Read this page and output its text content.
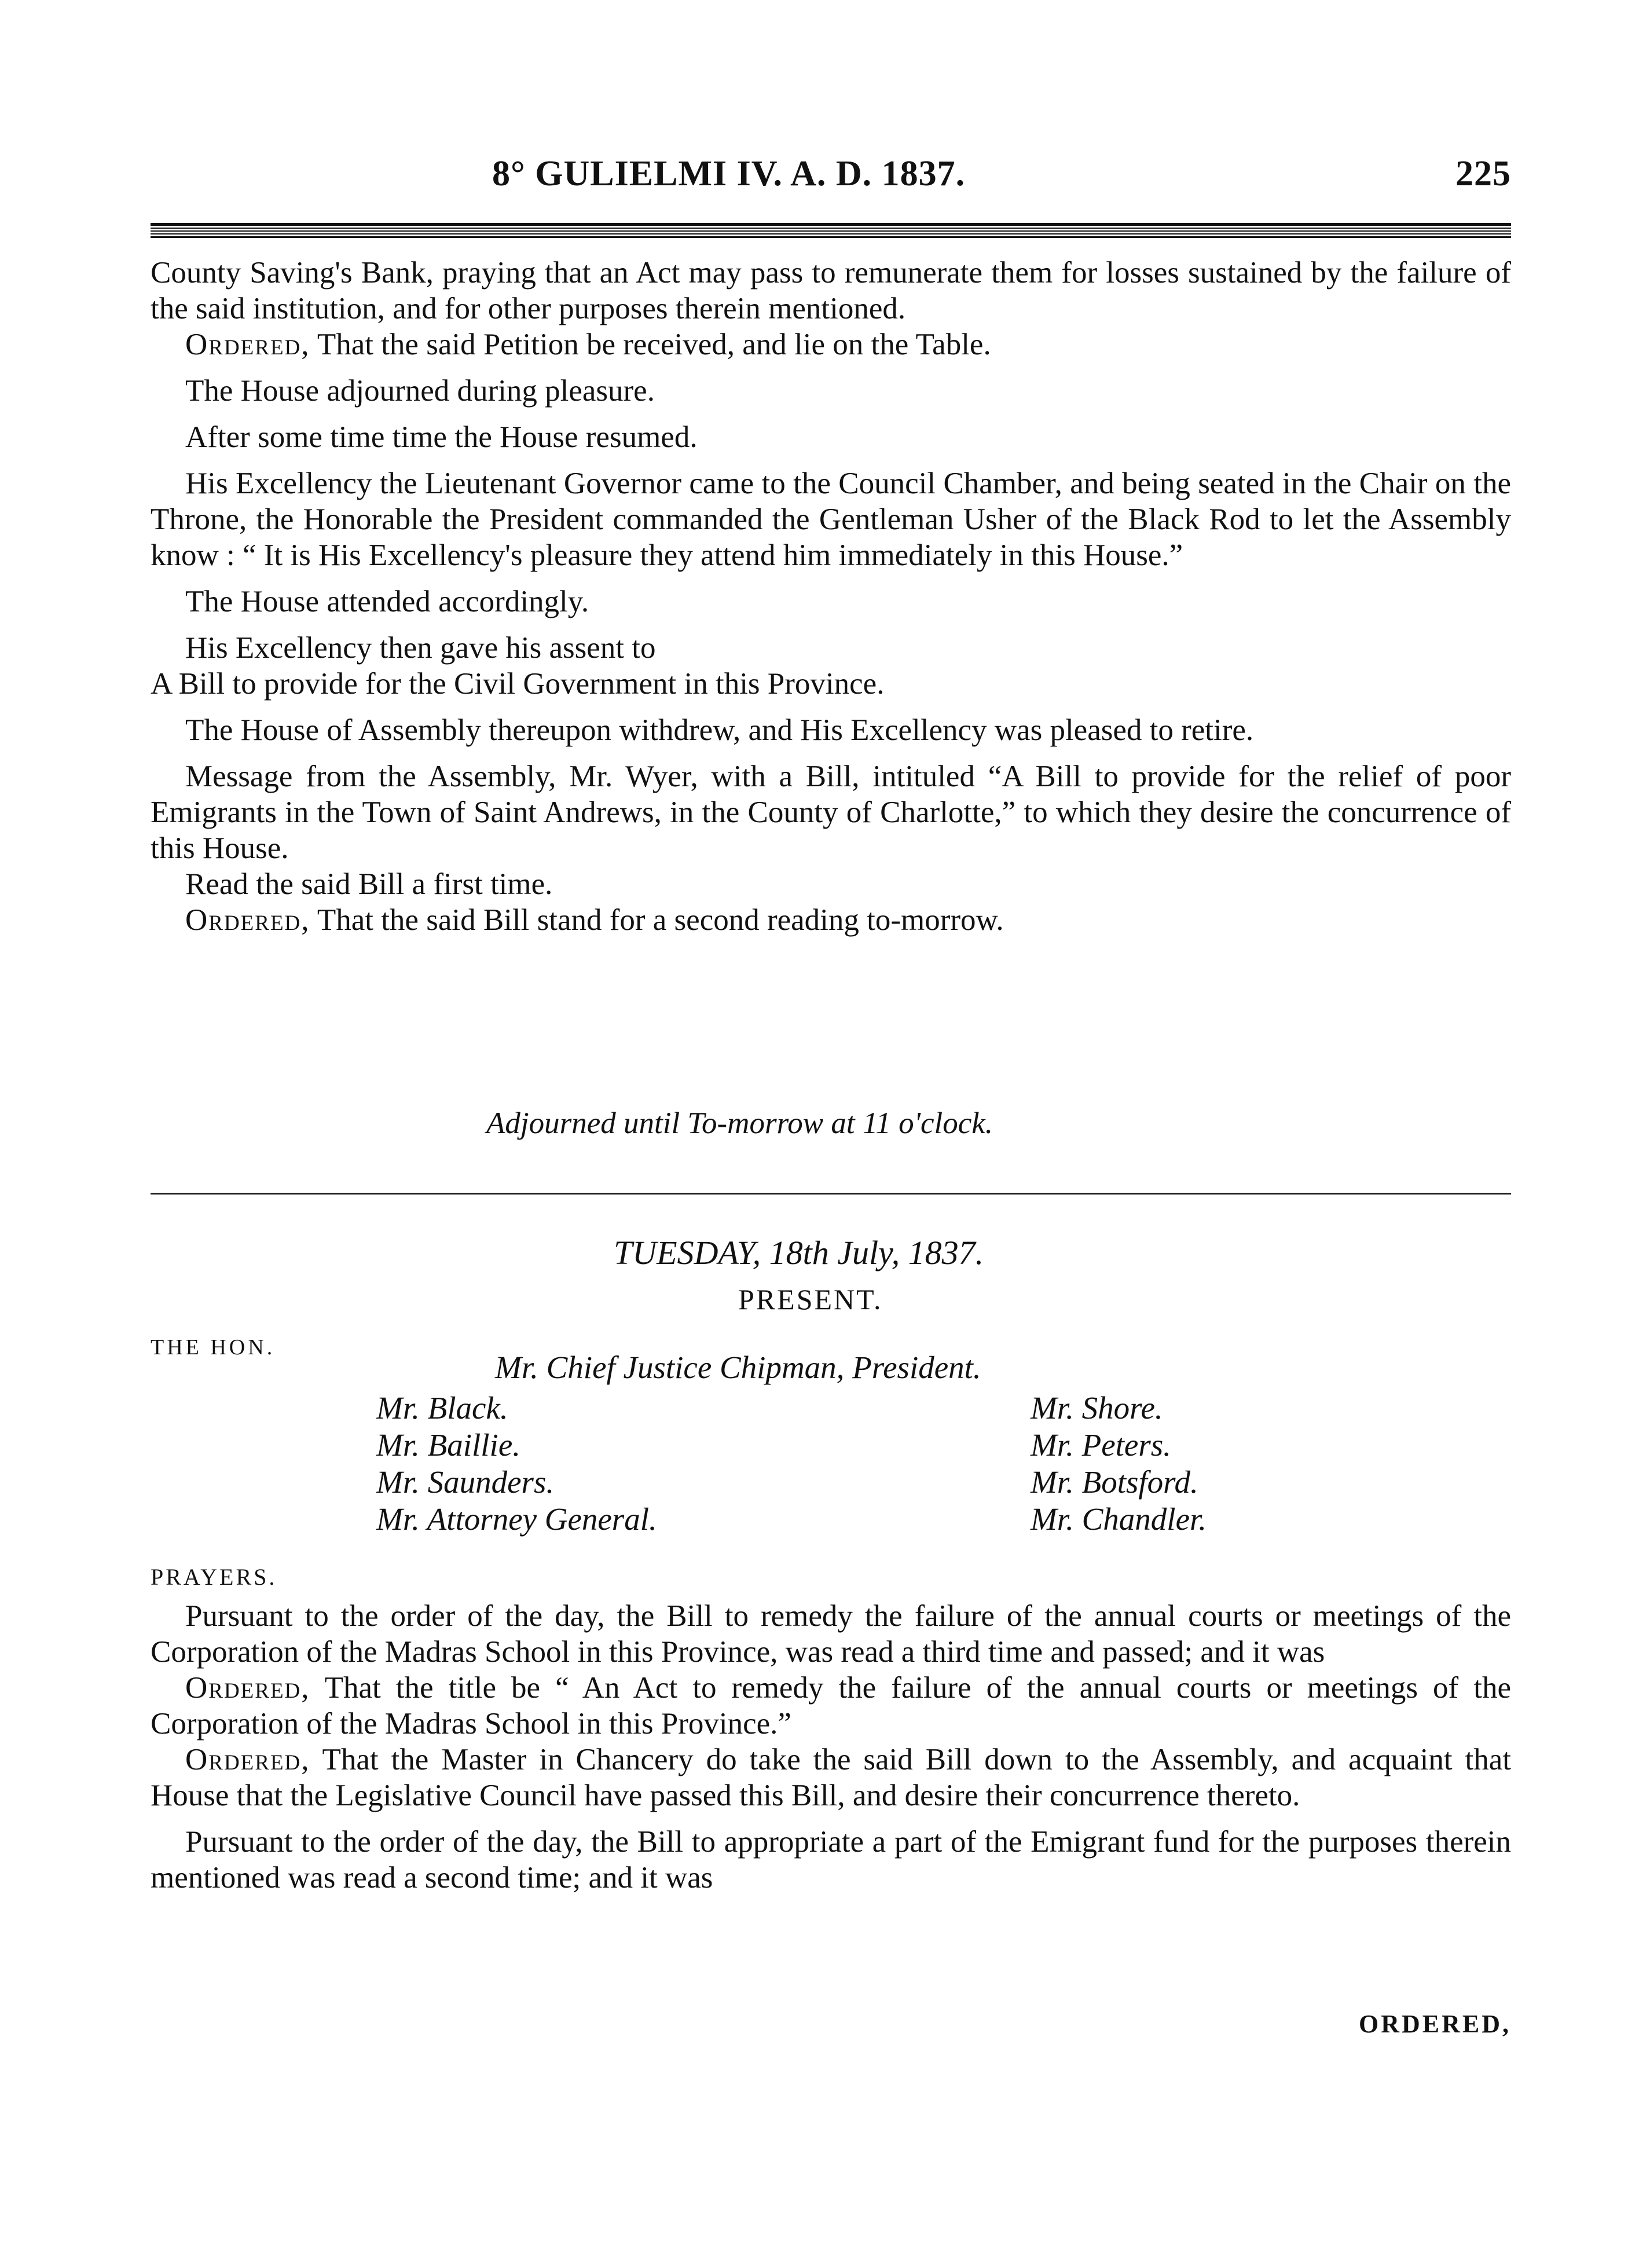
8° GULIELMI IV. A. D. 1837.	225

County Saving's Bank, praying that an Act may pass to remunerate them for losses sustained by the failure of the said institution, and for other purposes therein mentioned.

Ordered, That the said Petition be received, and lie on the Table.

The House adjourned during pleasure.

After some time time the House resumed.

His Excellency the Lieutenant Governor came to the Council Chamber, and being seated in the Chair on the Throne, the Honorable the President commanded the Gentleman Usher of the Black Rod to let the Assembly know : “ It is His Excellency's pleasure they attend him immediately in this House.”

The House attended accordingly.

His Excellency then gave his assent to

A Bill to provide for the Civil Government in this Province.

The House of Assembly thereupon withdrew, and His Excellency was pleased to retire.

Message from the Assembly, Mr. Wyer, with a Bill, intituled “A Bill to provide for the relief of poor Emigrants in the Town of Saint Andrews, in the County of Charlotte,” to which they desire the concurrence of this House.

Read the said Bill a first time.

Ordered, That the said Bill stand for a second reading to-morrow.

Adjourned until To-morrow at 11 o'clock.
TUESDAY, 18th July, 1837.
PRESENT.
THE HON.
Mr. Chief Justice Chipman, President.
Mr. Black.
Mr. Baillie.
Mr. Saunders.
Mr. Attorney General.
Mr. Shore.
Mr. Peters.
Mr. Botsford.
Mr. Chandler.
PRAYERS.

Pursuant to the order of the day, the Bill to remedy the failure of the annual courts or meetings of the Corporation of the Madras School in this Province, was read a third time and passed; and it was

Ordered, That the title be “ An Act to remedy the failure of the annual courts or meetings of the Corporation of the Madras School in this Province.”

Ordered, That the Master in Chancery do take the said Bill down to the Assembly, and acquaint that House that the Legislative Council have passed this Bill, and desire their concurrence thereto.

Pursuant to the order of the day, the Bill to appropriate a part of the Emigrant fund for the purposes therein mentioned was read a second time; and it was

ORDERED,
